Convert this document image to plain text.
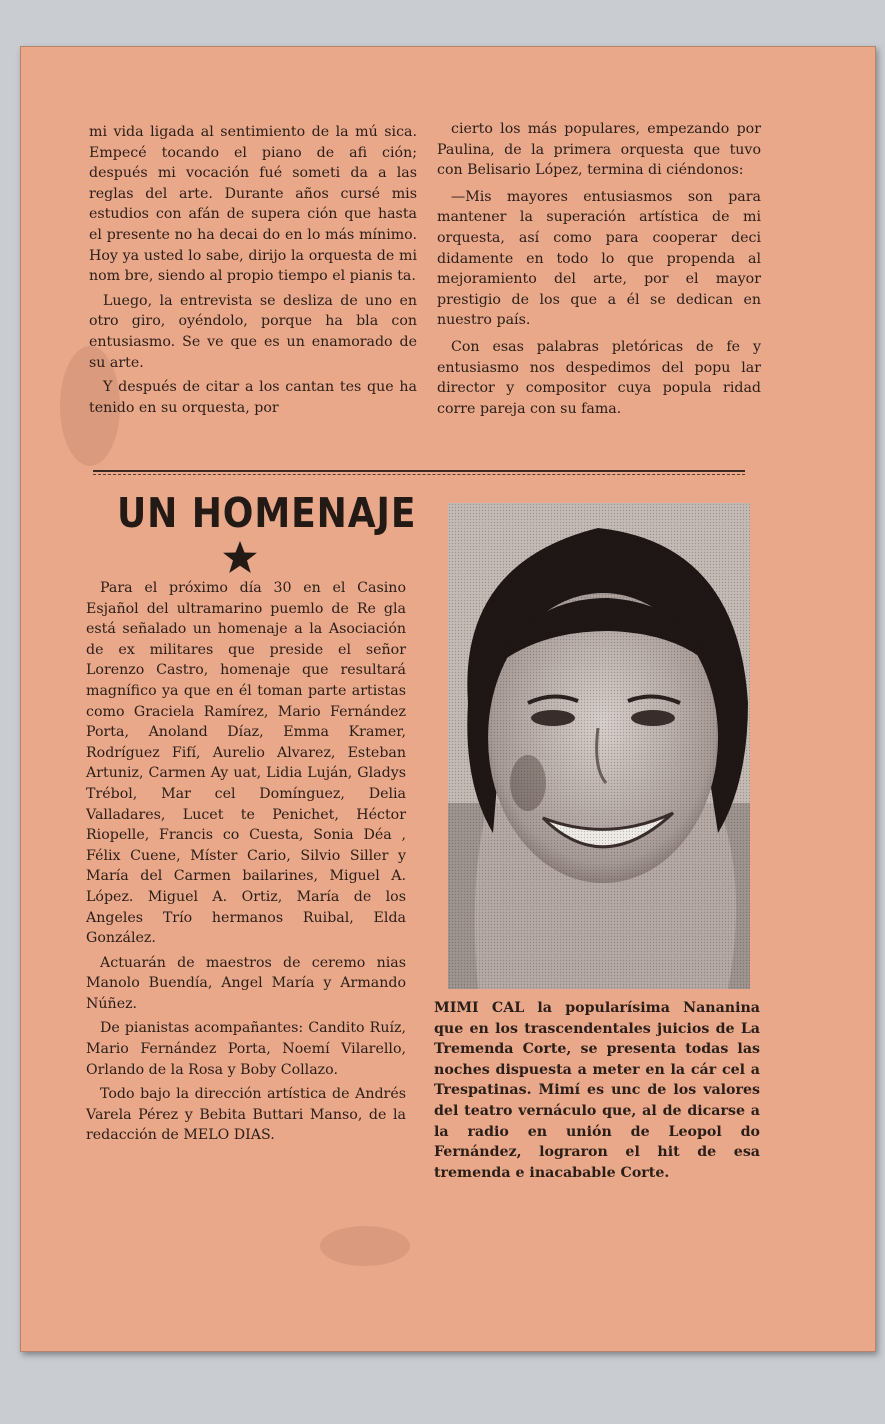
mi vida ligada al sentimiento de la mú sica. Empecé tocando el piano de afi ción; después mi vocación fué someti da a las reglas del arte. Durante años cursé mis estudios con afán de supera ción que hasta el presente no ha decai do en lo más mínimo. Hoy ya usted lo sabe, dirijo la orquesta de mi nom bre, siendo al propio tiempo el pianis ta.

Luego, la entrevista se desliza de uno en otro giro, oyéndolo, porque ha bla con entusiasmo. Se ve que es un enamorado de su arte.

Y después de citar a los cantan tes que ha tenido en su orquesta, por

cierto los más populares, empezando por Paulina, de la primera orquesta que tuvo con Belisario López, termina di ciéndonos:

—Mis mayores entusiasmos son para mantener la superación artística de mi orquesta, así como para cooperar deci didamente en todo lo que propenda al mejoramiento del arte, por el mayor prestigio de los que a él se dedican en nuestro país.

Con esas palabras pletóricas de fe y entusiasmo nos despedimos del popu lar director y compositor cuya popula ridad corre pareja con su fama.

UN HOMENAJE

Para el próximo día 30 en el Casino Esjañol del ultramarino puemlo de Re gla está señalado un homenaje a la Asociación de ex militares que preside el señor Lorenzo Castro, homenaje que resultará magnífico ya que en él toman parte artistas como Graciela Ramírez, Mario Fernández Porta, Anoland Díaz, Emma Kramer, Rodríguez Fifí, Aurelio Alvarez, Esteban Artuniz, Carmen Ay uat, Lidia Luján, Gladys Trébol, Mar cel Domínguez, Delia Valladares, Lucet te Penichet, Héctor Riopelle, Francis co Cuesta, Sonia Déa , Félix Cuene, Míster Cario, Silvio Siller y María del Carmen bailarines, Miguel A. López. Miguel A. Ortiz, María de los Angeles Trío hermanos Ruibal, Elda González.

Actuarán de maestros de ceremo nias Manolo Buendía, Angel María y Armando Núñez.

De pianistas acompañantes: Candito Ruíz, Mario Fernández Porta, Noemí Vilarello, Orlando de la Rosa y Boby Collazo.

Todo bajo la dirección artística de Andrés Varela Pérez y Bebita Buttari Manso, de la redacción de MELO DIAS.

MIMI CAL la popularísima Nananina que en los trascendentales juicios de La Tremenda Corte, se presenta todas las noches dispuesta a meter en la cár cel a Trespatinas. Mimí es unc de los valores del teatro vernáculo que, al de dicarse a la radio en unión de Leopol do Fernández, lograron el hit de esa tremenda e inacabable Corte.
